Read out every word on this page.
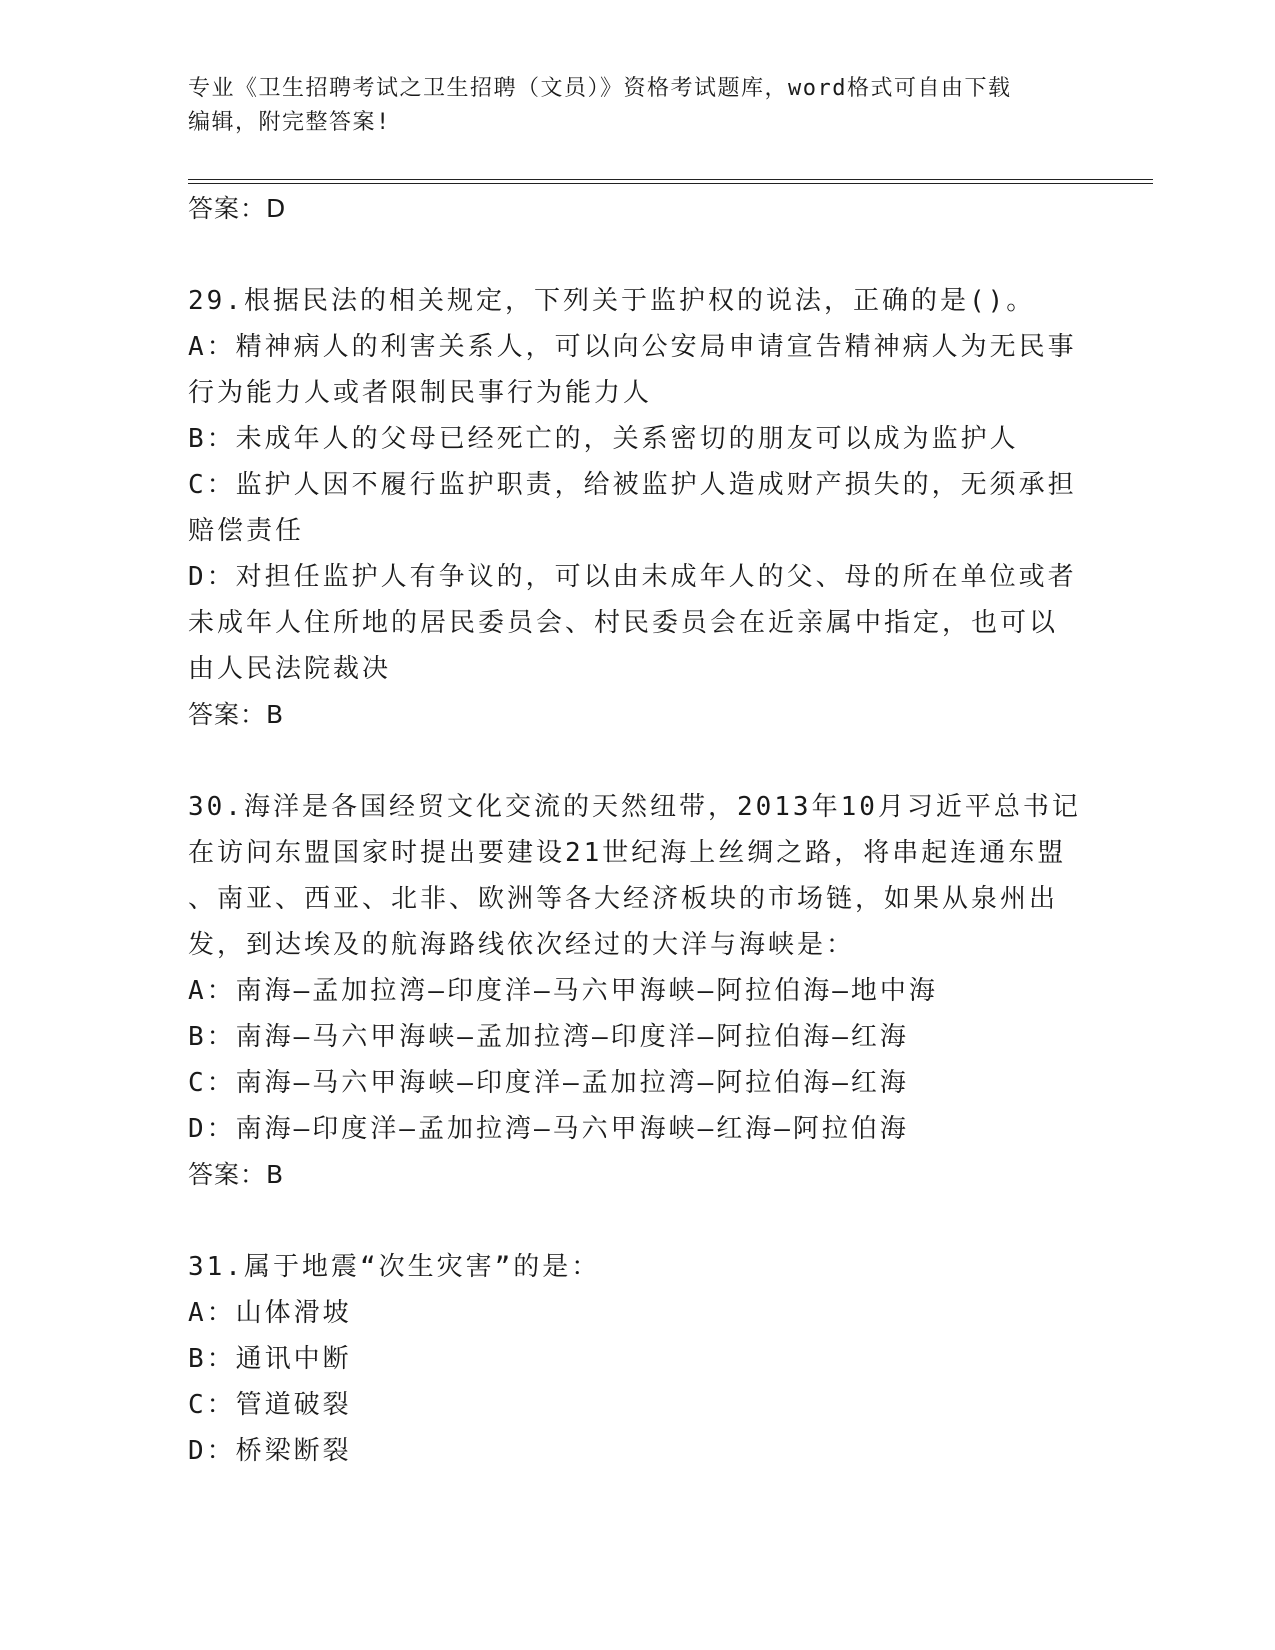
专业《卫生招聘考试之卫生招聘（文员）》资格考试题库，word格式可自由下载
编辑，附完整答案!
答案：D
29.根据民法的相关规定，下列关于监护权的说法，正确的是()。
A：精神病人的利害关系人，可以向公安局申请宣告精神病人为无民事
行为能力人或者限制民事行为能力人
B：未成年人的父母已经死亡的，关系密切的朋友可以成为监护人
C：监护人因不履行监护职责，给被监护人造成财产损失的，无须承担
赔偿责任
D：对担任监护人有争议的，可以由未成年人的父、母的所在单位或者
未成年人住所地的居民委员会、村民委员会在近亲属中指定，也可以
由人民法院裁决
答案：B
30.海洋是各国经贸文化交流的天然纽带，2013年10月习近平总书记
在访问东盟国家时提出要建设21世纪海上丝绸之路，将串起连通东盟
、南亚、西亚、北非、欧洲等各大经济板块的市场链，如果从泉州出
发，到达埃及的航海路线依次经过的大洋与海峡是：
A：南海—孟加拉湾—印度洋—马六甲海峡—阿拉伯海—地中海
B：南海—马六甲海峡—孟加拉湾—印度洋—阿拉伯海—红海
C：南海—马六甲海峡—印度洋—孟加拉湾—阿拉伯海—红海
D：南海—印度洋—孟加拉湾—马六甲海峡—红海—阿拉伯海
答案：B
31.属于地震“次生灾害”的是：
A：山体滑坡
B：通讯中断
C：管道破裂
D：桥梁断裂
